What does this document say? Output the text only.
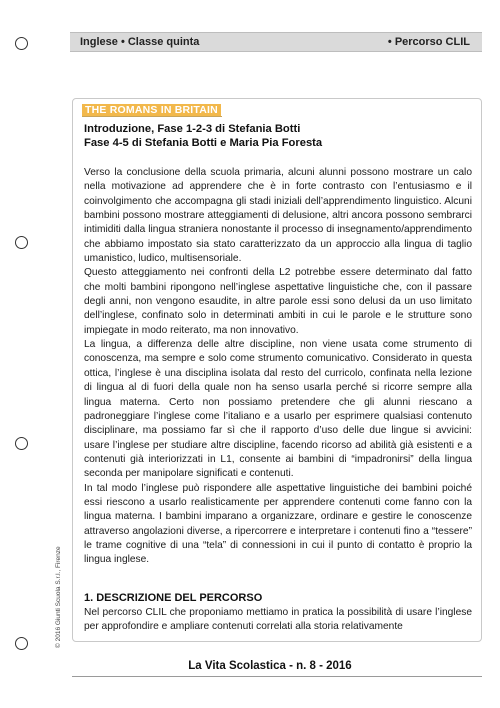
Inglese • Classe quinta	• Percorso CLIL
THE ROMANS IN BRITAIN
Introduzione, Fase 1-2-3 di Stefania Botti
Fase 4-5 di Stefania Botti e Maria Pia Foresta

Verso la conclusione della scuola primaria, alcuni alunni possono mostrare un calo nella motivazione ad apprendere che è in forte contrasto con l’entusiasmo e il coinvolgimento che accompagna gli stadi iniziali dell’apprendimento linguistico. Alcuni bambini possono mostrare atteggiamenti di delusione, altri ancora possono sembrarci intimiditi dalla lingua straniera nonostante il processo di insegnamento/apprendimento che abbiamo impostato sia stato caratterizzato da un approccio alla lingua di taglio umanistico, ludico, multisensoriale.

Questo atteggiamento nei confronti della L2 potrebbe essere determinato dal fatto che molti bambini ripongono nell’inglese aspettative linguistiche che, con il passare degli anni, non vengono esaudite, in altre parole essi sono delusi da un uso limitato dell’inglese, confinato solo in determinati ambiti in cui le parole e le strutture sono impiegate in modo reiterato, ma non innovativo.

La lingua, a differenza delle altre discipline, non viene usata come strumento di conoscenza, ma sempre e solo come strumento comunicativo. Considerato in questa ottica, l’inglese è una disciplina isolata dal resto del curricolo, confinata nella lezione di lingua al di fuori della quale non ha senso usarla perché si ricorre sempre alla lingua materna. Certo non possiamo pretendere che gli alunni riescano a padroneggiare l’inglese come l’italiano e a usarlo per esprimere qualsiasi contenuto disciplinare, ma possiamo far sì che il rapporto d’uso delle due lingue si avvicini: usare l’inglese per studiare altre discipline, facendo ricorso ad abilità già esistenti e a contenuti già interiorizzati in L1, consente ai bambini di “impadronirsi” della lingua seconda per manipolare significati e contenuti.

In tal modo l’inglese può rispondere alle aspettative linguistiche dei bambini poiché essi riescono a usarlo realisticamente per apprendere contenuti come fanno con la lingua materna. I bambini imparano a organizzare, ordinare e gestire le conoscenze attraverso angolazioni diverse, a ripercorrere e interpretare i contenuti fino a “tessere” le trame cognitive di una “tela” di connessioni in cui il punto di contatto è proprio la lingua inglese.

1. DESCRIZIONE DEL PERCORSO
Nel percorso CLIL che proponiamo mettiamo in pratica la possibilità di usare l’inglese per approfondire e ampliare contenuti correlati alla storia relativamente
© 2016 Giunti Scuola S.r.l., Firenze
La Vita Scolastica - n. 8 - 2016
